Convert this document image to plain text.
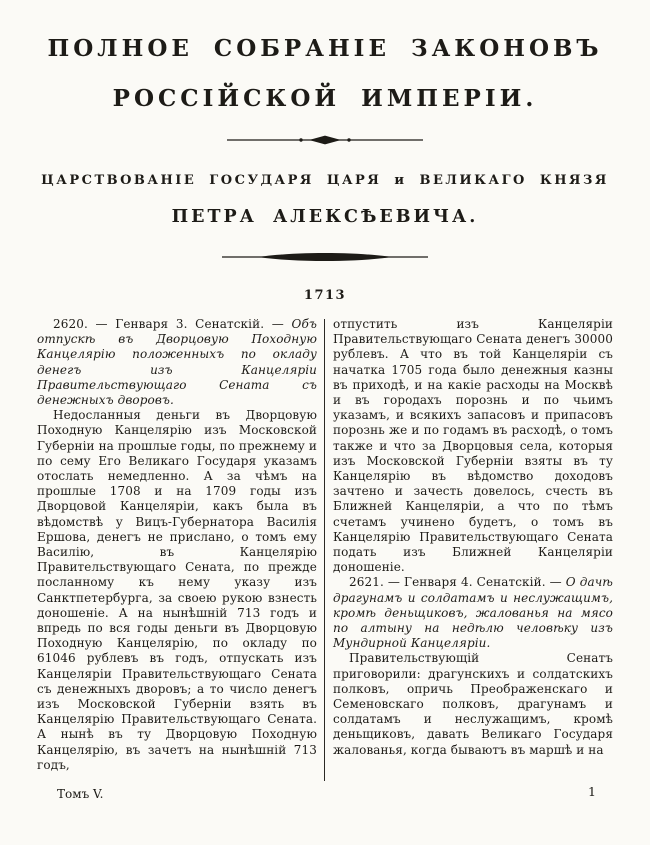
ПОЛНОЕ СОБРАНІЕ ЗАКОНОВЪ
РОССІЙСКОЙ ИМПЕРІИ.
ЦАРСТВОВАНІЕ ГОСУДАРЯ ЦАРЯ и ВЕЛИКАГО КНЯЗЯ
ПЕТРА АЛЕКСѢЕВИЧА.
1713

2620. — Генваря 3. Сенатскій. — Объ отпускѣ въ Дворцовую Походную Канцелярію положенныхъ по окладу денегъ изъ Канцеляріи Правительствующаго Сената съ денежныхъ дворовъ.

Недосланныя деньги въ Дворцовую Походную Канцелярію изъ Московской Губерніи на прошлые годы, по прежнему и по сему Его Великаго Государя указамъ отослать немедленно. А за чѣмъ на прошлые 1708 и на 1709 годы изъ Дворцовой Канцеляріи, какъ была въ вѣдомствѣ у Вицъ-Губернатора Василія Ершова, денегъ не прислано, о томъ ему Василію, въ Канцелярію Правительствующаго Сената, по прежде посланному къ нему указу изъ Санктпетербурга, за своею рукою взнесть доношеніе. А на нынѣшній 713 годъ и впредь по вся годы деньги въ Дворцовую Походную Канцелярію, по окладу по 61046 рублевъ въ годъ, отпускать изъ Канцеляріи Правительствующаго Сената съ денежныхъ дворовъ; а то число денегъ изъ Московской Губерніи взять въ Канцелярію Правительствующаго Сената. А нынѣ въ ту Дворцовую Походную Канцелярію, въ зачетъ на нынѣшній 713 годъ,

отпустить изъ Канцеляріи Правительствующаго Сената денегъ 30000 рублевъ. А что въ той Канцеляріи съ начатка 1705 года было денежныя казны въ приходѣ, и на какіе расходы на Москвѣ и въ городахъ порознь и по чьимъ указамъ, и всякихъ запасовъ и припасовъ порознь же и по годамъ въ расходѣ, о томъ также и что за Дворцовыя села, которыя изъ Московской Губерніи взяты въ ту Канцелярію въ вѣдомство доходовъ зачтено и зачесть довелось, счесть въ Ближней Канцеляріи, а что по тѣмъ счетамъ учинено будетъ, о томъ въ Канцелярію Правительствующаго Сената подать изъ Ближней Канцеляріи доношеніе.

2621. — Генваря 4. Сенатскій. — О дачѣ драгунамъ и солдатамъ и неслужащимъ, кромѣ деньщиковъ, жалованья на мясо по алтыну на недѣлю человѣку изъ Мундирной Канцеляріи.

Правительствующій Сенатъ приговорили: драгунскихъ и солдатскихъ полковъ, опричь Преображенскаго и Семеновскаго полковъ, драгунамъ и солдатамъ и неслужащимъ, кромѣ деньщиковъ, давать Великаго Государя жалованья, когда бываютъ въ маршѣ и на

Томъ V.	1
